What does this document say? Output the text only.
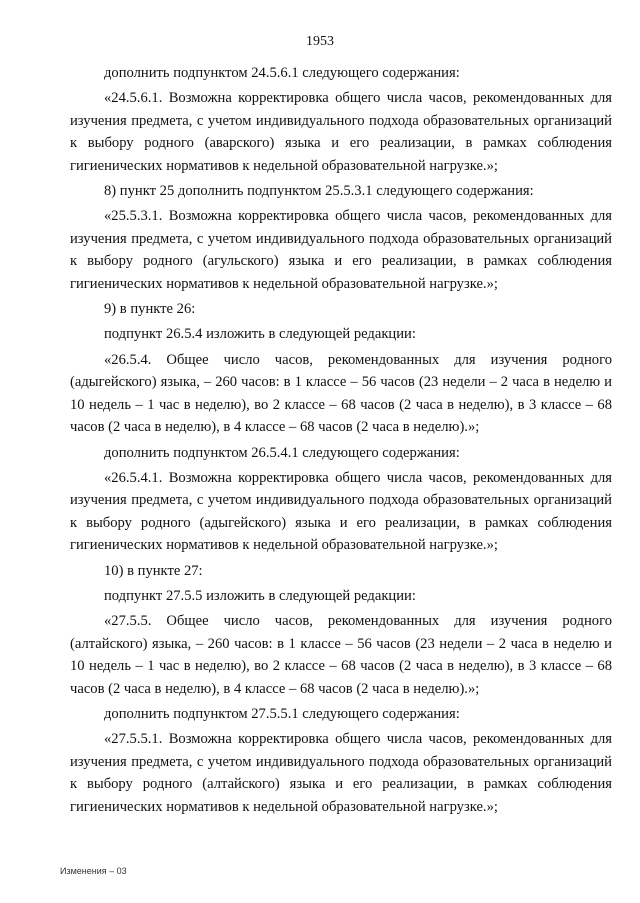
1953

дополнить подпунктом 24.5.6.1 следующего содержания:

«24.5.6.1. Возможна корректировка общего числа часов, рекомендованных для изучения предмета, с учетом индивидуального подхода образовательных организаций к выбору родного (аварского) языка и его реализации, в рамках соблюдения гигиенических нормативов к недельной образовательной нагрузке.»;

8) пункт 25 дополнить подпунктом 25.5.3.1 следующего содержания:

«25.5.3.1. Возможна корректировка общего числа часов, рекомендованных для изучения предмета, с учетом индивидуального подхода образовательных организаций к выбору родного (агульского) языка и его реализации, в рамках соблюдения гигиенических нормативов к недельной образовательной нагрузке.»;

9) в пункте 26:

подпункт 26.5.4 изложить в следующей редакции:

«26.5.4. Общее число часов, рекомендованных для изучения родного (адыгейского) языка, – 260 часов: в 1 классе – 56 часов (23 недели – 2 часа в неделю и 10 недель – 1 час в неделю), во 2 классе – 68 часов (2 часа в неделю), в 3 классе – 68 часов (2 часа в неделю), в 4 классе – 68 часов (2 часа в неделю).»;

дополнить подпунктом 26.5.4.1 следующего содержания:

«26.5.4.1. Возможна корректировка общего числа часов, рекомендованных для изучения предмета, с учетом индивидуального подхода образовательных организаций к выбору родного (адыгейского) языка и его реализации, в рамках соблюдения гигиенических нормативов к недельной образовательной нагрузке.»;

10) в пункте 27:

подпункт 27.5.5 изложить в следующей редакции:

«27.5.5. Общее число часов, рекомендованных для изучения родного (алтайского) языка, – 260 часов: в 1 классе – 56 часов (23 недели – 2 часа в неделю и 10 недель – 1 час в неделю), во 2 классе – 68 часов (2 часа в неделю), в 3 классе – 68 часов (2 часа в неделю), в 4 классе – 68 часов (2 часа в неделю).»;

дополнить подпунктом 27.5.5.1 следующего содержания:

«27.5.5.1. Возможна корректировка общего числа часов, рекомендованных для изучения предмета, с учетом индивидуального подхода образовательных организаций к выбору родного (алтайского) языка и его реализации, в рамках соблюдения гигиенических нормативов к недельной образовательной нагрузке.»;

Изменения – 03
